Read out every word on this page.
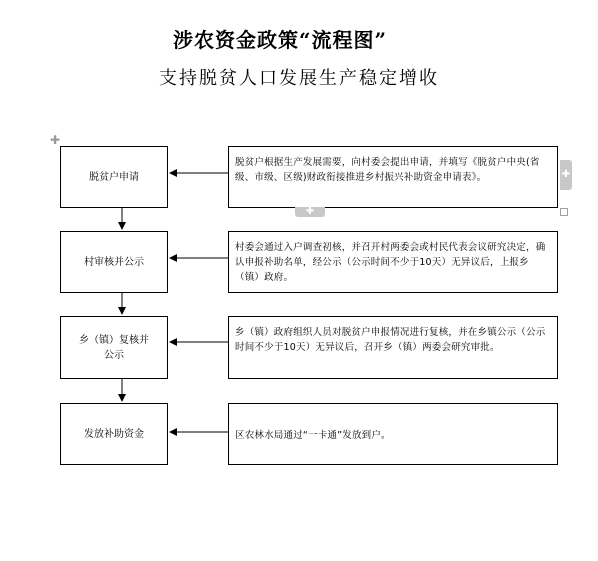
涉农资金政策“流程图”
支持脱贫人口发展生产稳定增收
✚
脱贫户申请
村审核并公示
乡（镇）复核并公示
发放补助资金
脱贫户根据生产发展需要，向村委会提出申请，并填写《脱贫户中央(省级、市级、区级)财政衔接推进乡村振兴补助资金申请表》。
村委会通过入户调查初核，并召开村两委会或村民代表会议研究决定，确认申报补助名单，经公示（公示时间不少于10天）无异议后，上报乡（镇）政府。
乡（镇）政府组织人员对脱贫户申报情况进行复核，并在乡镇公示（公示时间不少于10天）无异议后，召开乡（镇）两委会研究审批。
区农林水局通过“一卡通”发放到户。
✚
✚
